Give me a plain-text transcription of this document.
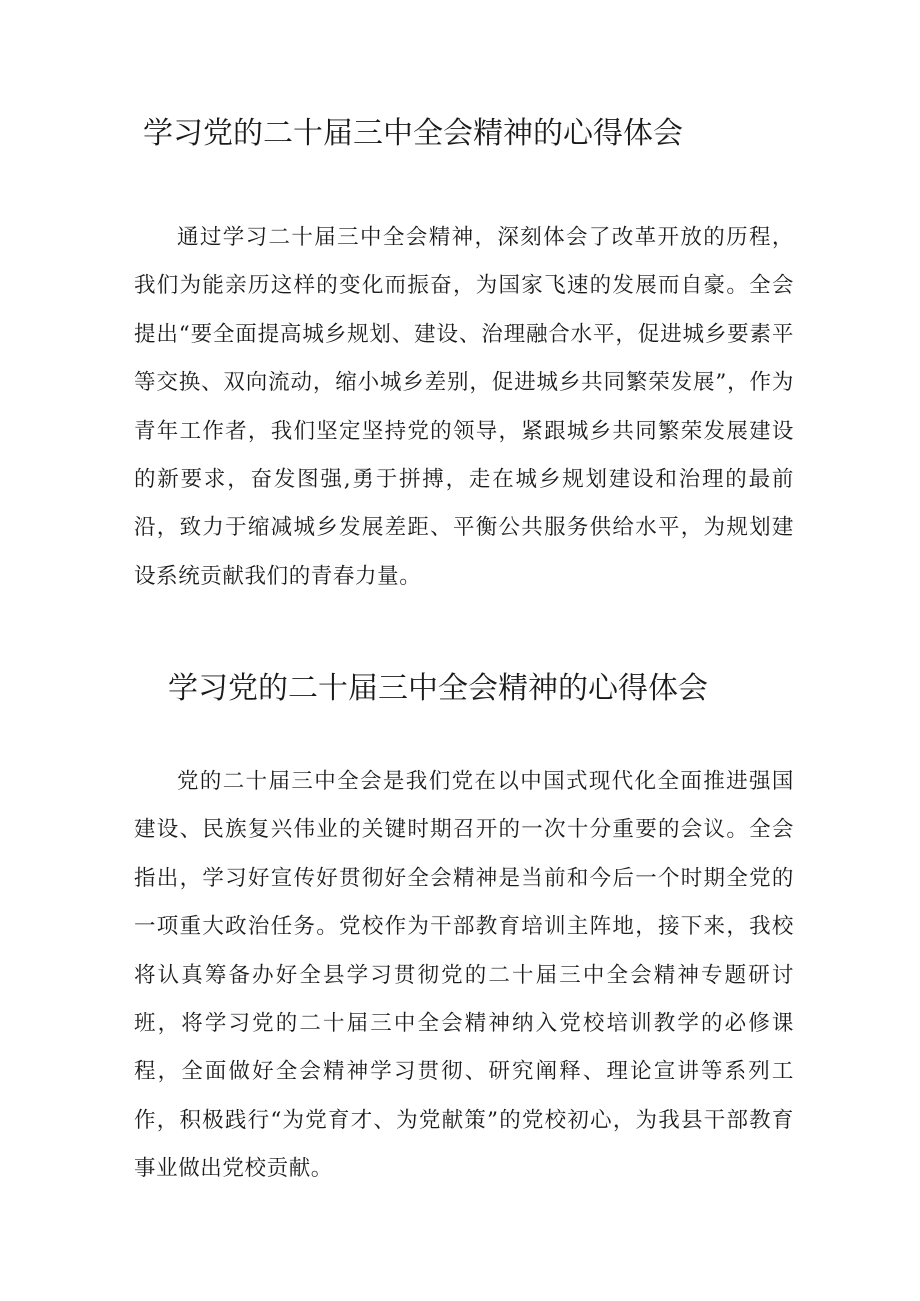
学习党的二十届三中全会精神的心得体会

通过学习二十届三中全会精神，深刻体会了改革开放的历程，我们为能亲历这样的变化而振奋，为国家飞速的发展而自豪。全会提出“要全面提高城乡规划、建设、治理融合水平，促进城乡要素平等交换、双向流动，缩小城乡差别，促进城乡共同繁荣发展”，作为青年工作者，我们坚定坚持党的领导，紧跟城乡共同繁荣发展建设的新要求，奋发图强,勇于拼搏，走在城乡规划建设和治理的最前沿，致力于缩减城乡发展差距、平衡公共服务供给水平，为规划建设系统贡献我们的青春力量。

学习党的二十届三中全会精神的心得体会

党的二十届三中全会是我们党在以中国式现代化全面推进强国建设、民族复兴伟业的关键时期召开的一次十分重要的会议。全会指出，学习好宣传好贯彻好全会精神是当前和今后一个时期全党的一项重大政治任务。党校作为干部教育培训主阵地，接下来，我校将认真筹备办好全县学习贯彻党的二十届三中全会精神专题研讨班，将学习党的二十届三中全会精神纳入党校培训教学的必修课程，全面做好全会精神学习贯彻、研究阐释、理论宣讲等系列工作，积极践行“为党育才、为党献策”的党校初心，为我县干部教育事业做出党校贡献。
